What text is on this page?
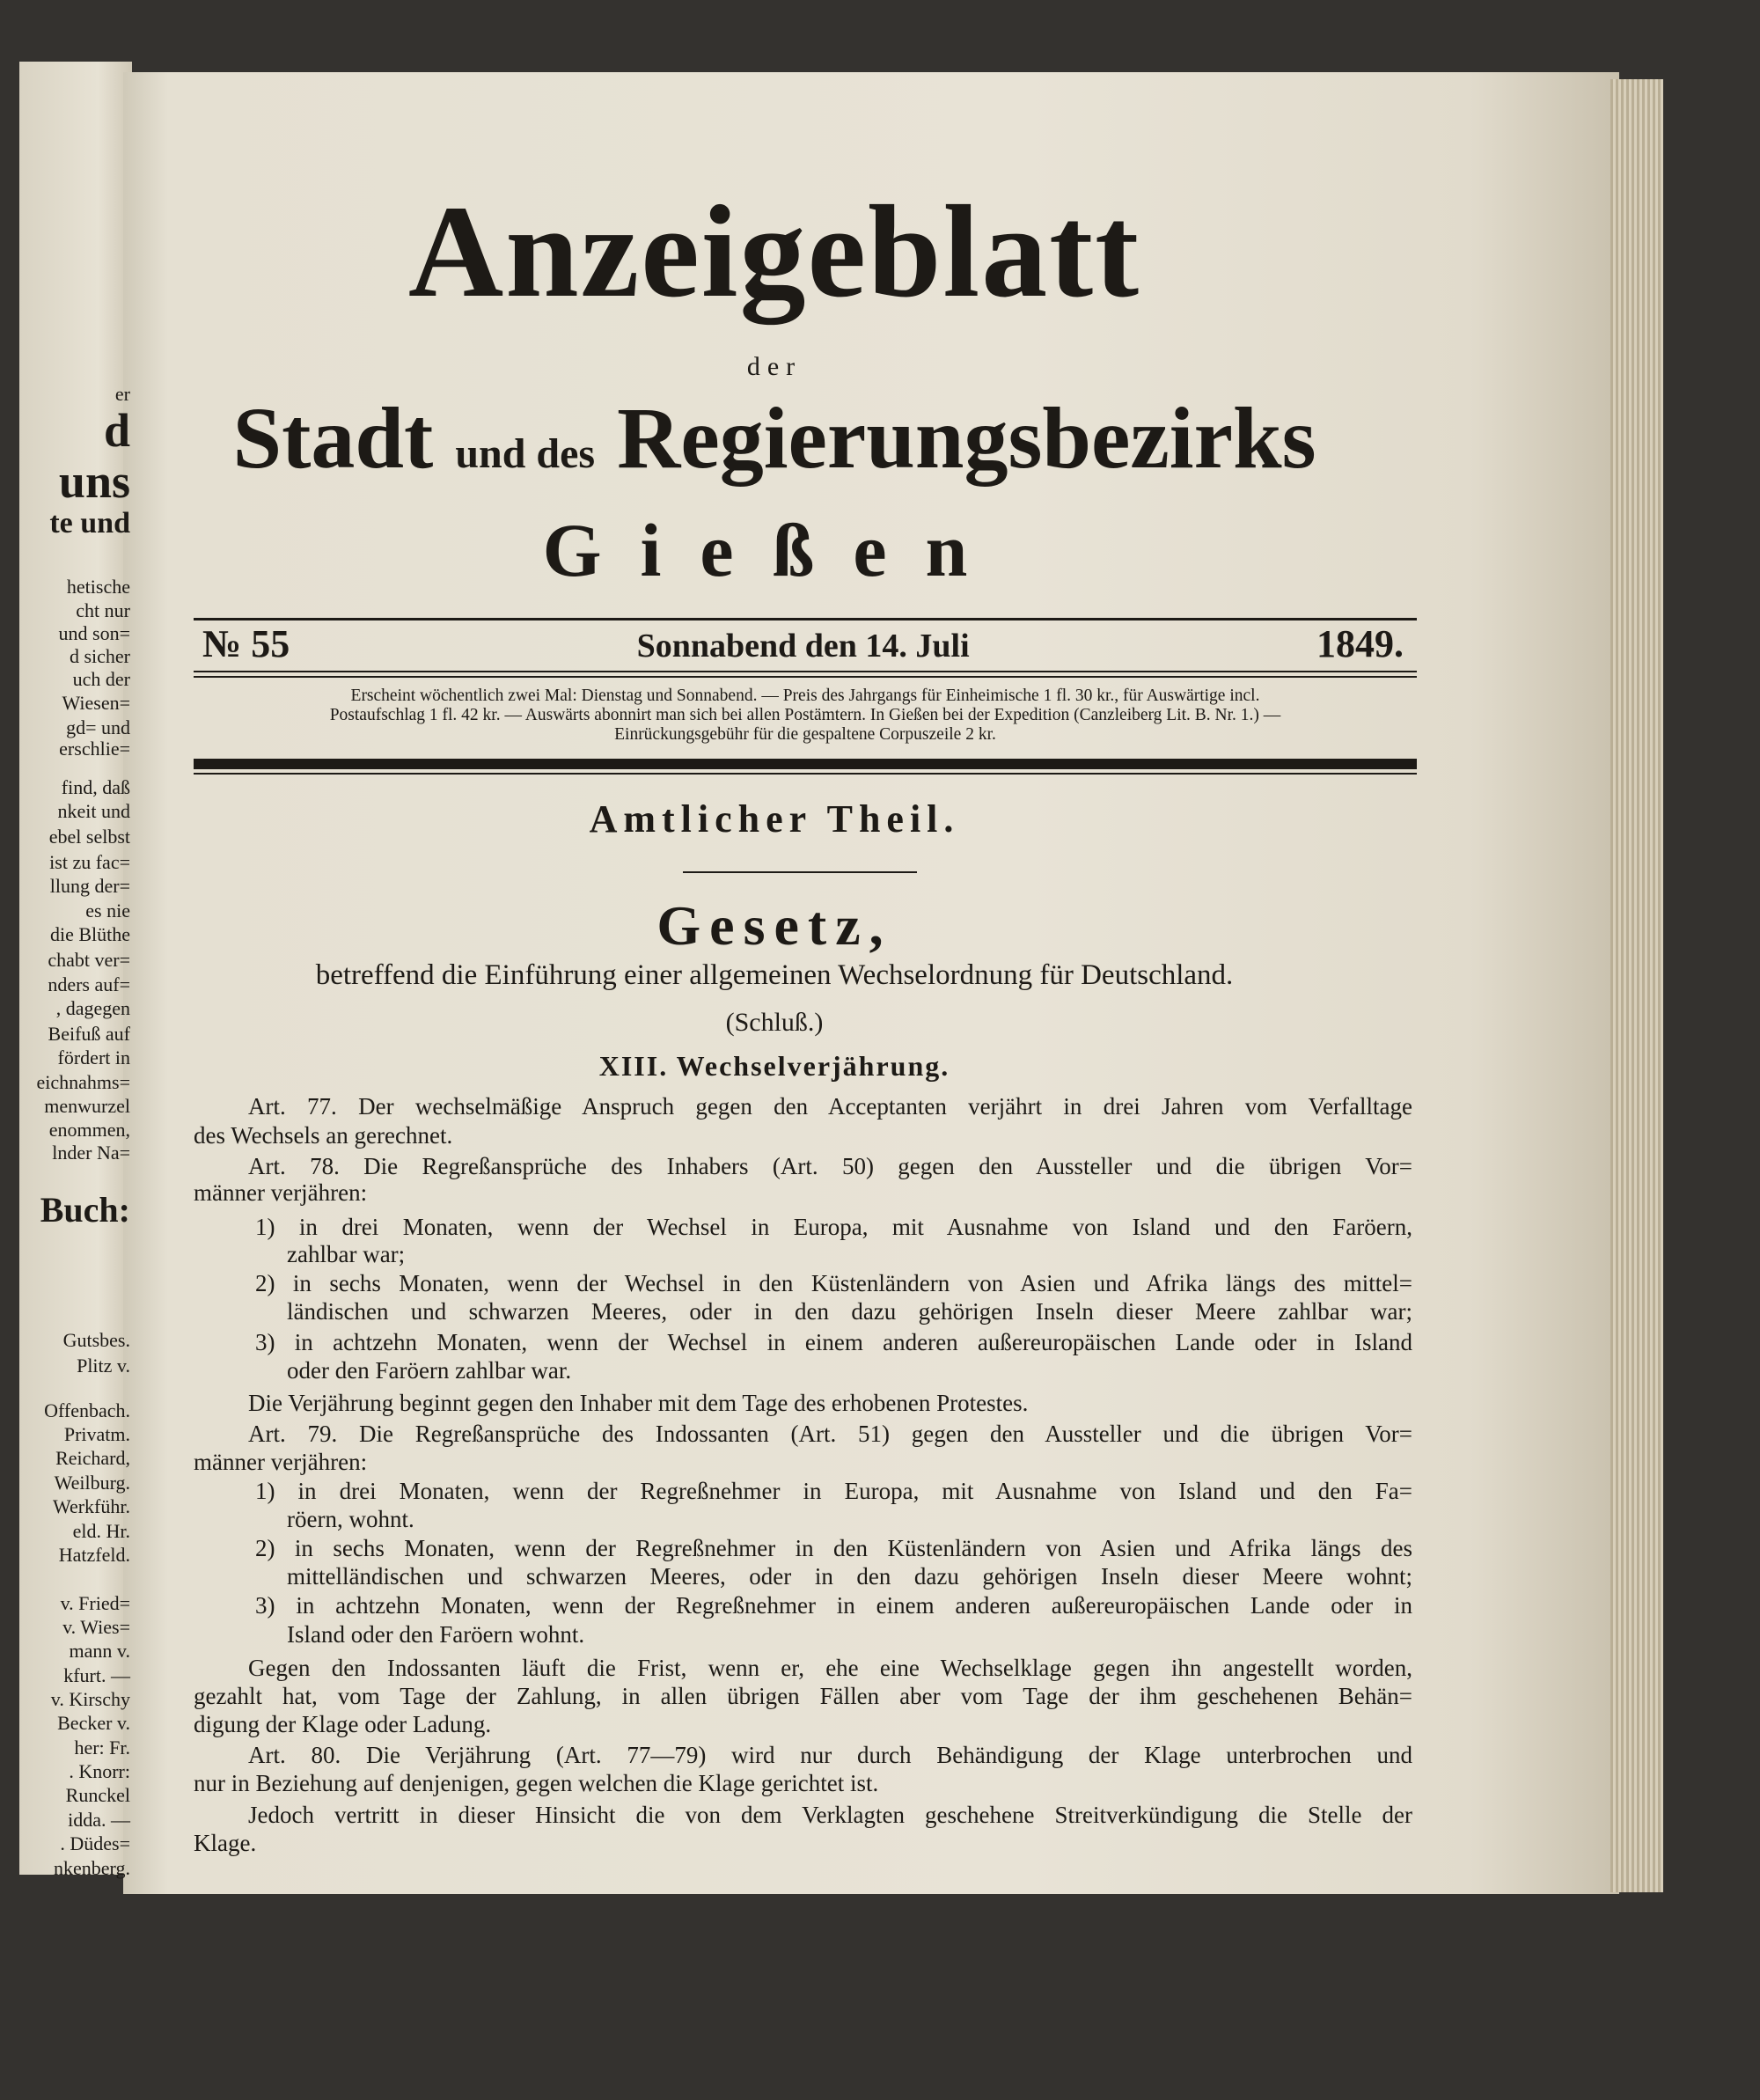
er
d
uns
te und
hetische
cht nur
und son=
d sicher
uch der
Wiesen=
gd= und
erschlie=
find, daß
nkeit und
ebel selbst
ist zu fac=
llung der=
es nie
die Blüthe
chabt ver=
nders auf=
, dagegen
Beifuß auf
fördert in
eichnahms=
menwurzel
enommen,
lnder Na=
Buch:
Gutsbes.
Plitz v.
Offenbach.
Privatm.
Reichard,
Weilburg.
Werkführ.
eld. Hr.
Hatzfeld.
v. Fried=
v. Wies=
mann v.
kfurt. —
v. Kirschy
Becker v.
her: Fr.
. Knorr:
Runckel
idda. —
. Düdes=
nkenberg.
Anzeigeblatt
der
Stadt und des Regierungsbezirks
Gießen
№ 55	Sonnabend den 14. Juli	1849.
Erscheint wöchentlich zwei Mal: Dienstag und Sonnabend. — Preis des Jahrgangs für Einheimische 1 fl. 30 kr., für Auswärtige incl.
Postaufschlag 1 fl. 42 kr. — Auswärts abonnirt man sich bei allen Postämtern. In Gießen bei der Expedition (Canzleiberg Lit. B. Nr. 1.) —
Einrückungsgebühr für die gespaltene Corpuszeile 2 kr.
Amtlicher Theil.
Gesetz,
betreffend die Einführung einer allgemeinen Wechselordnung für Deutschland.
(Schluß.)
XIII. Wechselverjährung.
Art. 77. Der wechselmäßige Anspruch gegen den Acceptanten verjährt in drei Jahren vom Verfalltage
des Wechsels an gerechnet.
Art. 78. Die Regreßansprüche des Inhabers (Art. 50) gegen den Aussteller und die übrigen Vor=
männer verjähren:
1) in drei Monaten, wenn der Wechsel in Europa, mit Ausnahme von Island und den Faröern,
zahlbar war;
2) in sechs Monaten, wenn der Wechsel in den Küstenländern von Asien und Afrika längs des mittel=
ländischen und schwarzen Meeres, oder in den dazu gehörigen Inseln dieser Meere zahlbar war;
3) in achtzehn Monaten, wenn der Wechsel in einem anderen außereuropäischen Lande oder in Island
oder den Faröern zahlbar war.
Die Verjährung beginnt gegen den Inhaber mit dem Tage des erhobenen Protestes.
Art. 79. Die Regreßansprüche des Indossanten (Art. 51) gegen den Aussteller und die übrigen Vor=
männer verjähren:
1) in drei Monaten, wenn der Regreßnehmer in Europa, mit Ausnahme von Island und den Fa=
röern, wohnt.
2) in sechs Monaten, wenn der Regreßnehmer in den Küstenländern von Asien und Afrika längs des
mittelländischen und schwarzen Meeres, oder in den dazu gehörigen Inseln dieser Meere wohnt;
3) in achtzehn Monaten, wenn der Regreßnehmer in einem anderen außereuropäischen Lande oder in
Island oder den Faröern wohnt.
Gegen den Indossanten läuft die Frist, wenn er, ehe eine Wechselklage gegen ihn angestellt worden,
gezahlt hat, vom Tage der Zahlung, in allen übrigen Fällen aber vom Tage der ihm geschehenen Behän=
digung der Klage oder Ladung.
Art. 80. Die Verjährung (Art. 77—79) wird nur durch Behändigung der Klage unterbrochen und
nur in Beziehung auf denjenigen, gegen welchen die Klage gerichtet ist.
Jedoch vertritt in dieser Hinsicht die von dem Verklagten geschehene Streitverkündigung die Stelle der
Klage.
